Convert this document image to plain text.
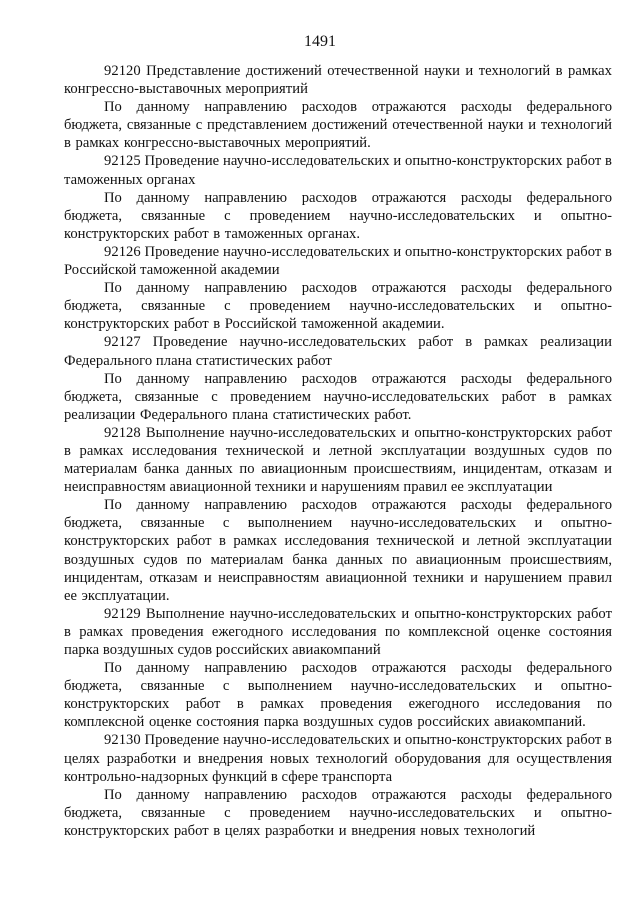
1491

92120 Представление достижений отечественной науки и технологий в рамках конгрессно-выставочных мероприятий

По данному направлению расходов отражаются расходы федерального бюджета, связанные с представлением достижений отечественной науки и технологий в рамках конгрессно-выставочных мероприятий.

92125 Проведение научно-исследовательских и опытно-конструкторских работ в таможенных органах

По данному направлению расходов отражаются расходы федерального бюджета, связанные с проведением научно-исследовательских и опытно-конструкторских работ в таможенных органах.

92126 Проведение научно-исследовательских и опытно-конструкторских работ в Российской таможенной академии

По данному направлению расходов отражаются расходы федерального бюджета, связанные с проведением научно-исследовательских и опытно-конструкторских работ в Российской таможенной академии.

92127 Проведение научно-исследовательских работ в рамках реализации Федерального плана статистических работ

По данному направлению расходов отражаются расходы федерального бюджета, связанные с проведением научно-исследовательских работ в рамках реализации Федерального плана статистических работ.

92128 Выполнение научно-исследовательских и опытно-конструкторских работ в рамках исследования технической и летной эксплуатации воздушных судов по материалам банка данных по авиационным происшествиям, инцидентам, отказам и неисправностям авиационной техники и нарушениям правил ее эксплуатации

По данному направлению расходов отражаются расходы федерального бюджета, связанные с выполнением научно-исследовательских и опытно-конструкторских работ в рамках исследования технической и летной эксплуатации воздушных судов по материалам банка данных по авиационным происшествиям, инцидентам, отказам и неисправностям авиационной техники и нарушением правил ее эксплуатации.

92129 Выполнение научно-исследовательских и опытно-конструкторских работ в рамках проведения ежегодного исследования по комплексной оценке состояния парка воздушных судов российских авиакомпаний

По данному направлению расходов отражаются расходы федерального бюджета, связанные с выполнением научно-исследовательских и опытно-конструкторских работ в рамках проведения ежегодного исследования по комплексной оценке состояния парка воздушных судов российских авиакомпаний.

92130 Проведение научно-исследовательских и опытно-конструкторских работ в целях разработки и внедрения новых технологий оборудования для осуществления контрольно-надзорных функций в сфере транспорта

По данному направлению расходов отражаются расходы федерального бюджета, связанные с проведением научно-исследовательских и опытно-конструкторских работ в целях разработки и внедрения новых технологий
